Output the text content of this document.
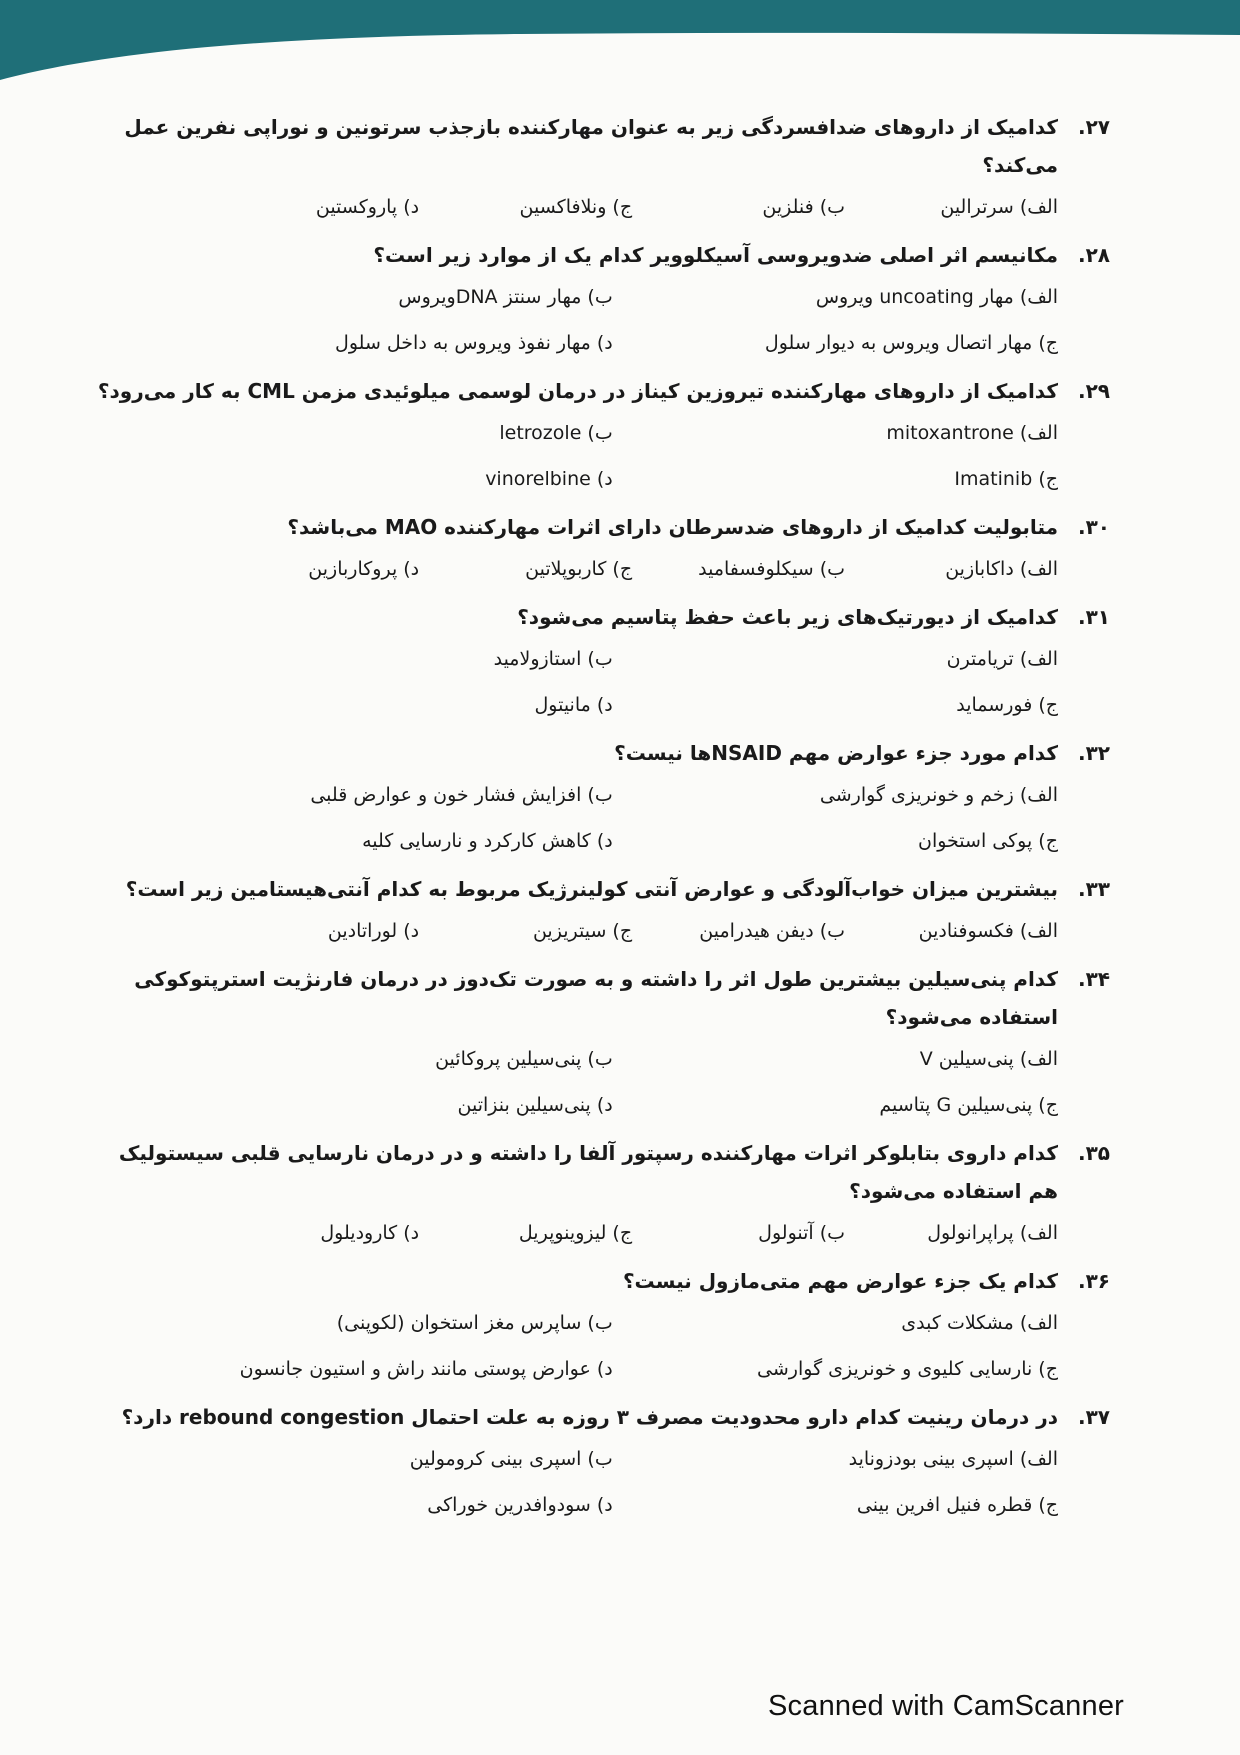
۲۷.
کدامیک از داروهای ضدافسردگی زیر به عنوان مهارکننده بازجذب سرتونین و نوراپی نفرین عمل می‌کند؟
الف) سرترالین
ب) فنلزین
ج) ونلافاکسین
د) پاروکستین
۲۸.
مکانیسم اثر اصلی ضدویروسی آسیکلوویر کدام یک از موارد زیر است؟
الف) مهار uncoating ویروس
ب) مهار سنتز DNAویروس
ج) مهار اتصال ویروس به دیوار سلول
د) مهار نفوذ ویروس به داخل سلول
۲۹.
کدامیک از داروهای مهارکننده تیروزین کیناز در درمان لوسمی میلوئیدی مزمن CML به کار می‌رود؟
الف) mitoxantrone
ب) letrozole
ج) Imatinib
د) vinorelbine
۳۰.
متابولیت کدامیک از داروهای ضدسرطان دارای اثرات مهارکننده MAO می‌باشد؟
الف) داکابازین
ب) سیکلوفسفامید
ج) کاربوپلاتین
د) پروکاربازین
۳۱.
کدامیک از دیورتیک‌های زیر باعث حفظ پتاسیم می‌شود؟
الف) تریامترن
ب) استازولامید
ج) فورسماید
د) مانیتول
۳۲.
کدام مورد جزء عوارض مهم NSAIDها نیست؟
الف) زخم و خونریزی گوارشی
ب) افزایش فشار خون و عوارض قلبی
ج) پوکی استخوان
د) کاهش کارکرد و نارسایی کلیه
۳۳.
بیشترین میزان خواب‌آلودگی و عوارض آنتی کولینرژیک مربوط به کدام آنتی‌هیستامین زیر است؟
الف) فکسوفنادین
ب) دیفن هیدرامین
ج) سیتریزین
د) لوراتادین
۳۴.
کدام پنی‌سیلین بیشترین طول اثر را داشته و به صورت تک‌دوز در درمان فارنژیت استرپتوکوکی استفاده می‌شود؟
الف) پنی‌سیلین V
ب) پنی‌سیلین پروکائین
ج) پنی‌سیلین G پتاسیم
د) پنی‌سیلین بنزاتین
۳۵.
کدام داروی بتابلوکر اثرات مهارکننده رسپتور آلفا را داشته و در درمان نارسایی قلبی سیستولیک هم استفاده می‌شود؟
الف) پراپرانولول
ب) آتنولول
ج) لیزوینوپریل
د) کارودیلول
۳۶.
کدام یک جزء عوارض مهم متی‌مازول نیست؟
الف) مشکلات کبدی
ب) ساپرس مغز استخوان (لکوپنی)
ج) نارسایی کلیوی و خونریزی گوارشی
د) عوارض پوستی مانند راش و استیون جانسون
۳۷.
در درمان رینیت کدام دارو محدودیت مصرف ۳ روزه به علت احتمال rebound congestion دارد؟
الف) اسپری بینی بودزوناید
ب) اسپری بینی کرومولین
ج) قطره فنیل افرین بینی
د) سودوافدرین خوراکی
Scanned with CamScanner
